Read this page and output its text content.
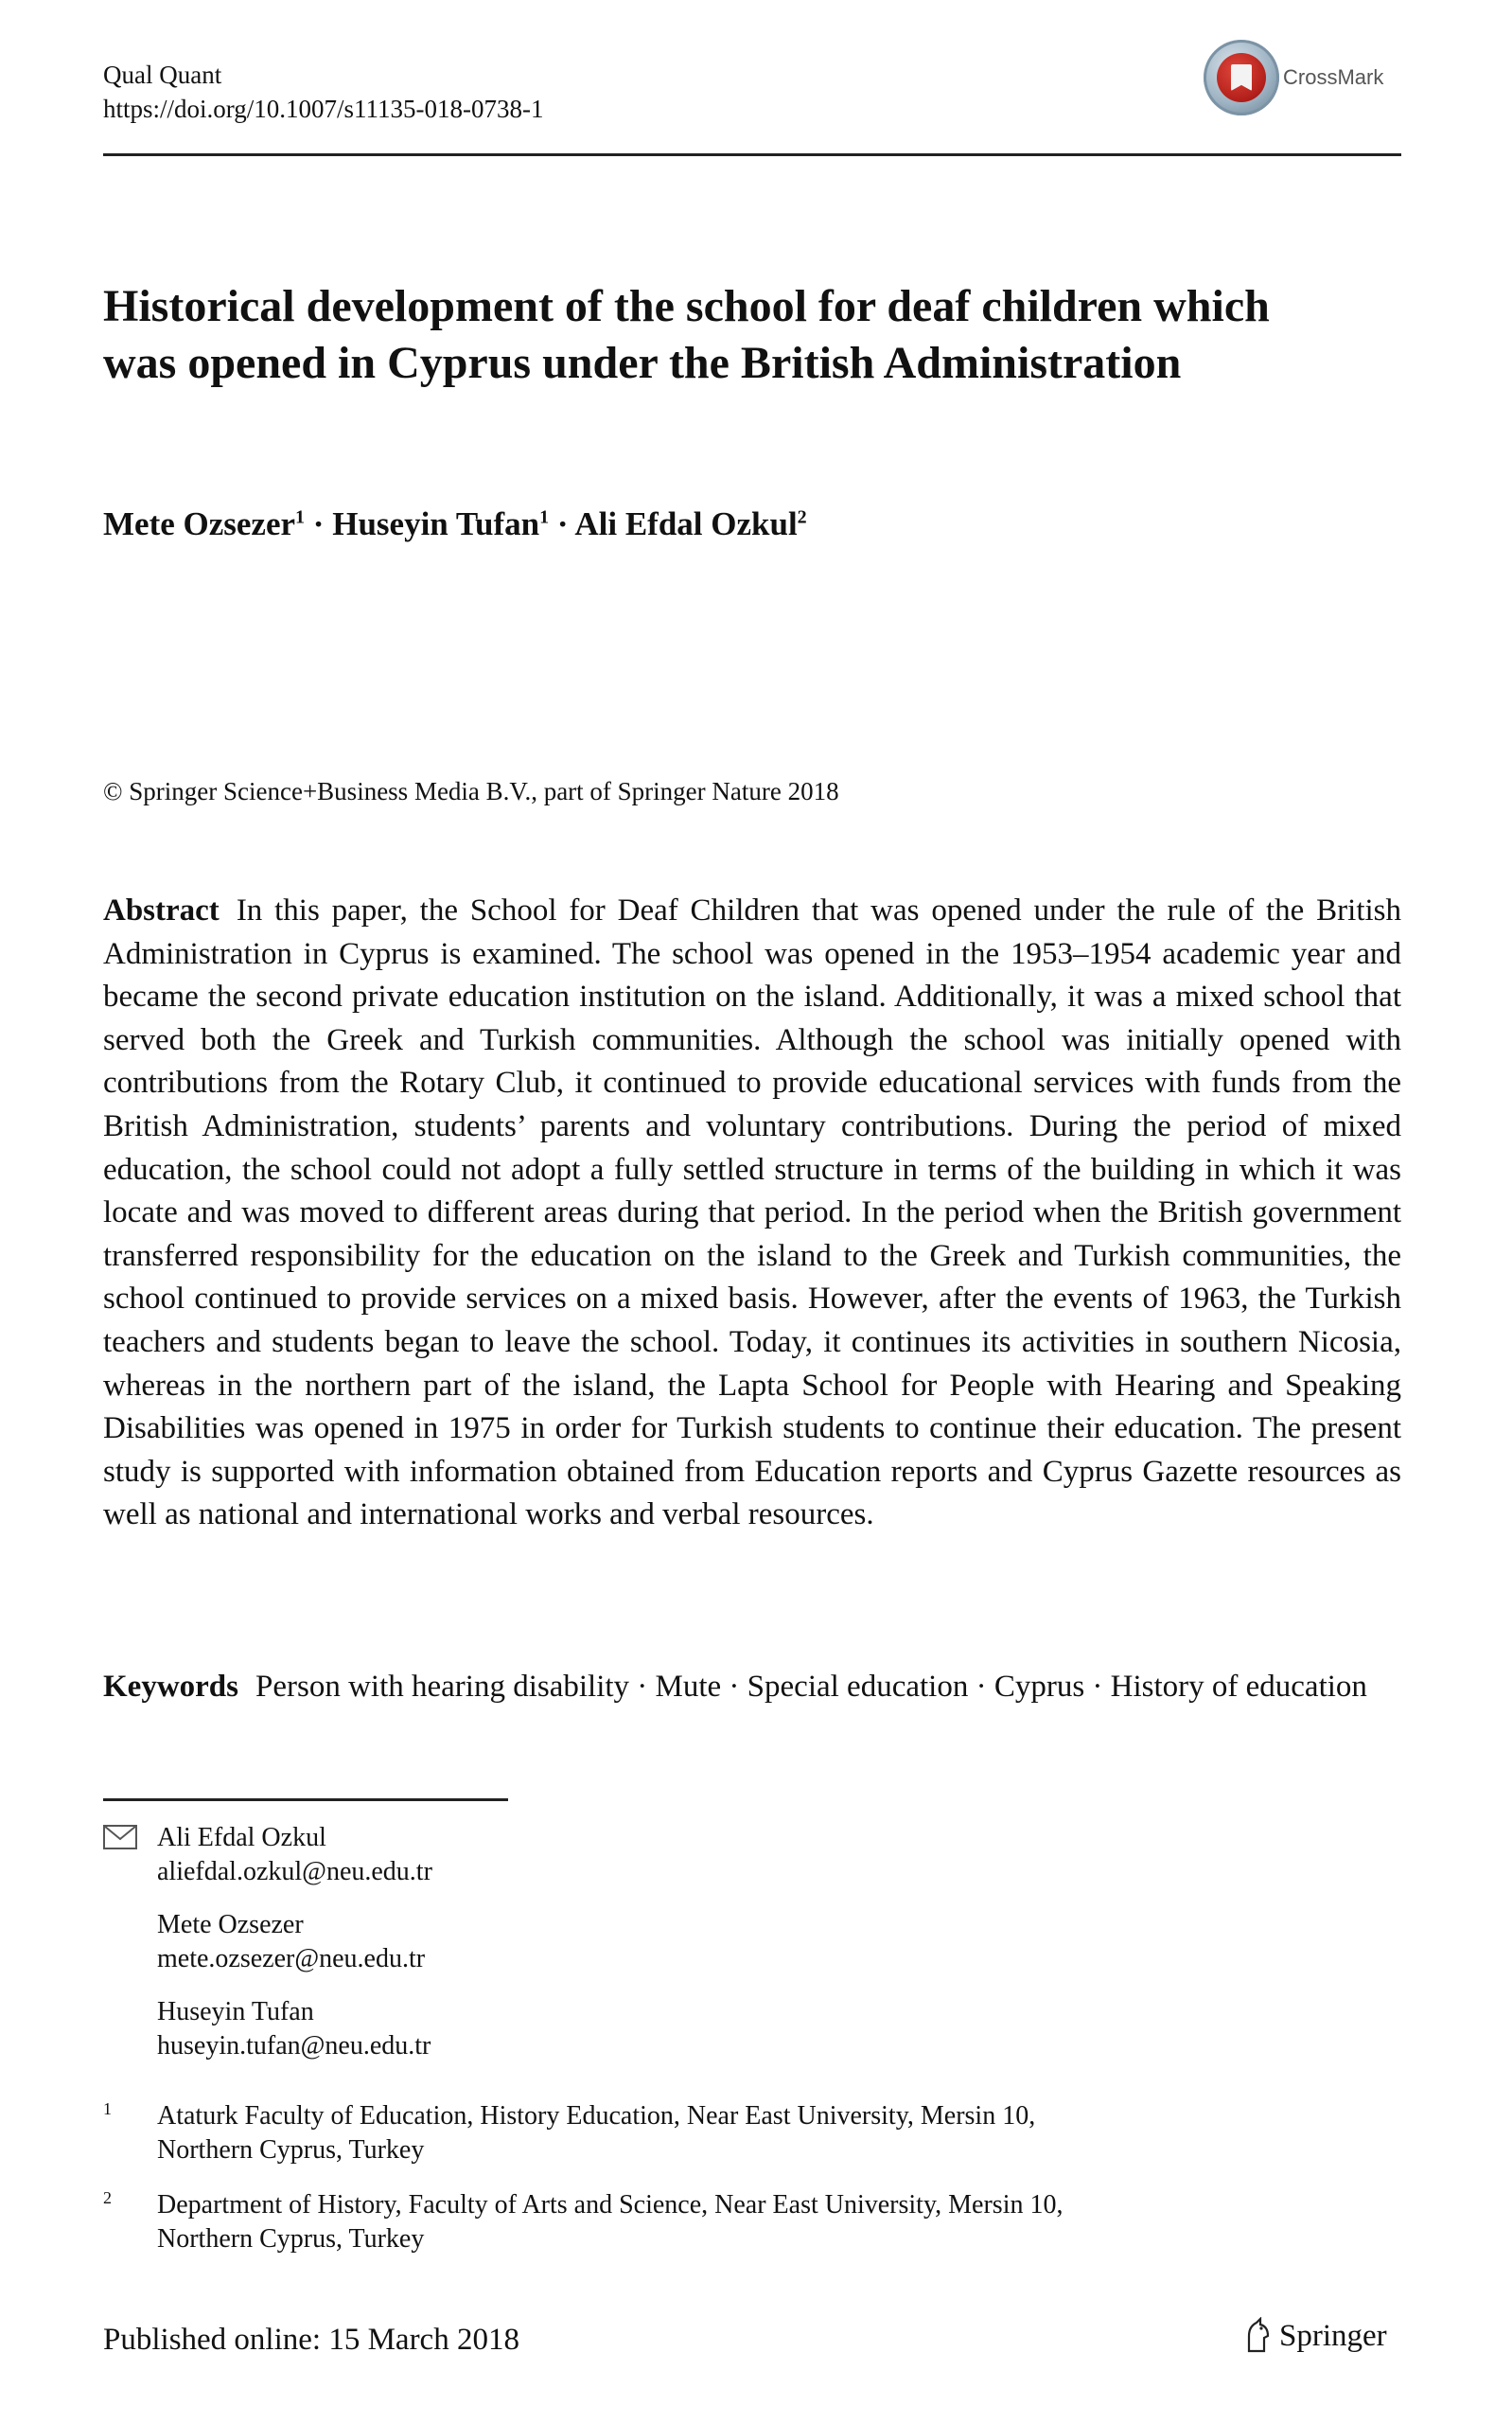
Qual Quant
https://doi.org/10.1007/s11135-018-0738-1
CrossMark
Historical development of the school for deaf children which was opened in Cyprus under the British Administration
Mete Ozsezer$^1$ · Huseyin Tufan$^1$ · Ali Efdal Ozkul$^2$
© Springer Science+Business Media B.V., part of Springer Nature 2018
Abstract In this paper, the School for Deaf Children that was opened under the rule of the British Administration in Cyprus is examined. The school was opened in the 1953–1954 academic year and became the second private education institution on the island. Additionally, it was a mixed school that served both the Greek and Turkish communities. Although the school was initially opened with contributions from the Rotary Club, it continued to provide educational services with funds from the British Administration, students’ parents and voluntary contributions. During the period of mixed education, the school could not adopt a fully settled structure in terms of the building in which it was locate and was moved to different areas during that period. In the period when the British government transferred responsibility for the education on the island to the Greek and Turkish communities, the school continued to provide services on a mixed basis. However, after the events of 1963, the Turkish teachers and students began to leave the school. Today, it continues its activities in southern Nicosia, whereas in the northern part of the island, the Lapta School for People with Hearing and Speaking Disabilities was opened in 1975 in order for Turkish students to continue their education. The present study is supported with information obtained from Education reports and Cyprus Gazette resources as well as national and international works and verbal resources.
Keywords Person with hearing disability · Mute · Special education · Cyprus · History of education
Ali Efdal Ozkul
aliefdal.ozkul@neu.edu.tr
Mete Ozsezer
mete.ozsezer@neu.edu.tr
Huseyin Tufan
huseyin.tufan@neu.edu.tr
1 Ataturk Faculty of Education, History Education, Near East University, Mersin 10,
Northern Cyprus, Turkey
2 Department of History, Faculty of Arts and Science, Near East University, Mersin 10,
Northern Cyprus, Turkey
Published online: 15 March 2018	Springer
